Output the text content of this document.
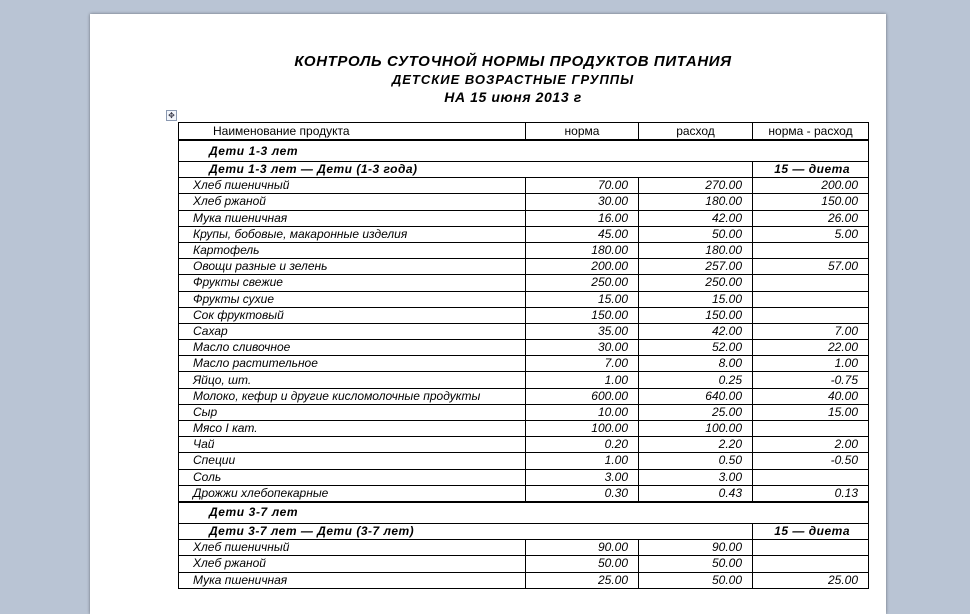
КОНТРОЛЬ СУТОЧНОЙ НОРМЫ ПРОДУКТОВ ПИТАНИЯ
ДЕТСКИЕ ВОЗРАСТНЫЕ ГРУППЫ
НА 15 июня 2013 г
✥
Наименование продукта	норма	расход	норма - расход
Дети 1-3 лет			
Дети 1-3 лет — Дети (1-3 года)			15 — диета
Хлеб пшеничный	70.00	270.00	200.00
Хлеб ржаной	30.00	180.00	150.00
Мука пшеничная	16.00	42.00	26.00
Крупы, бобовые, макаронные изделия	45.00	50.00	5.00
Картофель	180.00	180.00	
Овощи разные и зелень	200.00	257.00	57.00
Фрукты свежие	250.00	250.00	
Фрукты сухие	15.00	15.00	
Сок фруктовый	150.00	150.00	
Сахар	35.00	42.00	7.00
Масло сливочное	30.00	52.00	22.00
Масло растительное	7.00	8.00	1.00
Яйцо, шт.	1.00	0.25	-0.75
Молоко, кефир и другие кисломолочные продукты	600.00	640.00	40.00
Сыр	10.00	25.00	15.00
Мясо I кат.	100.00	100.00	
Чай	0.20	2.20	2.00
Специи	1.00	0.50	-0.50
Соль	3.00	3.00	
Дрожжи хлебопекарные	0.30	0.43	0.13
Дети 3-7 лет			
Дети 3-7 лет — Дети (3-7 лет)			15 — диета
Хлеб пшеничный	90.00	90.00	
Хлеб ржаной	50.00	50.00	
Мука пшеничная	25.00	50.00	25.00
